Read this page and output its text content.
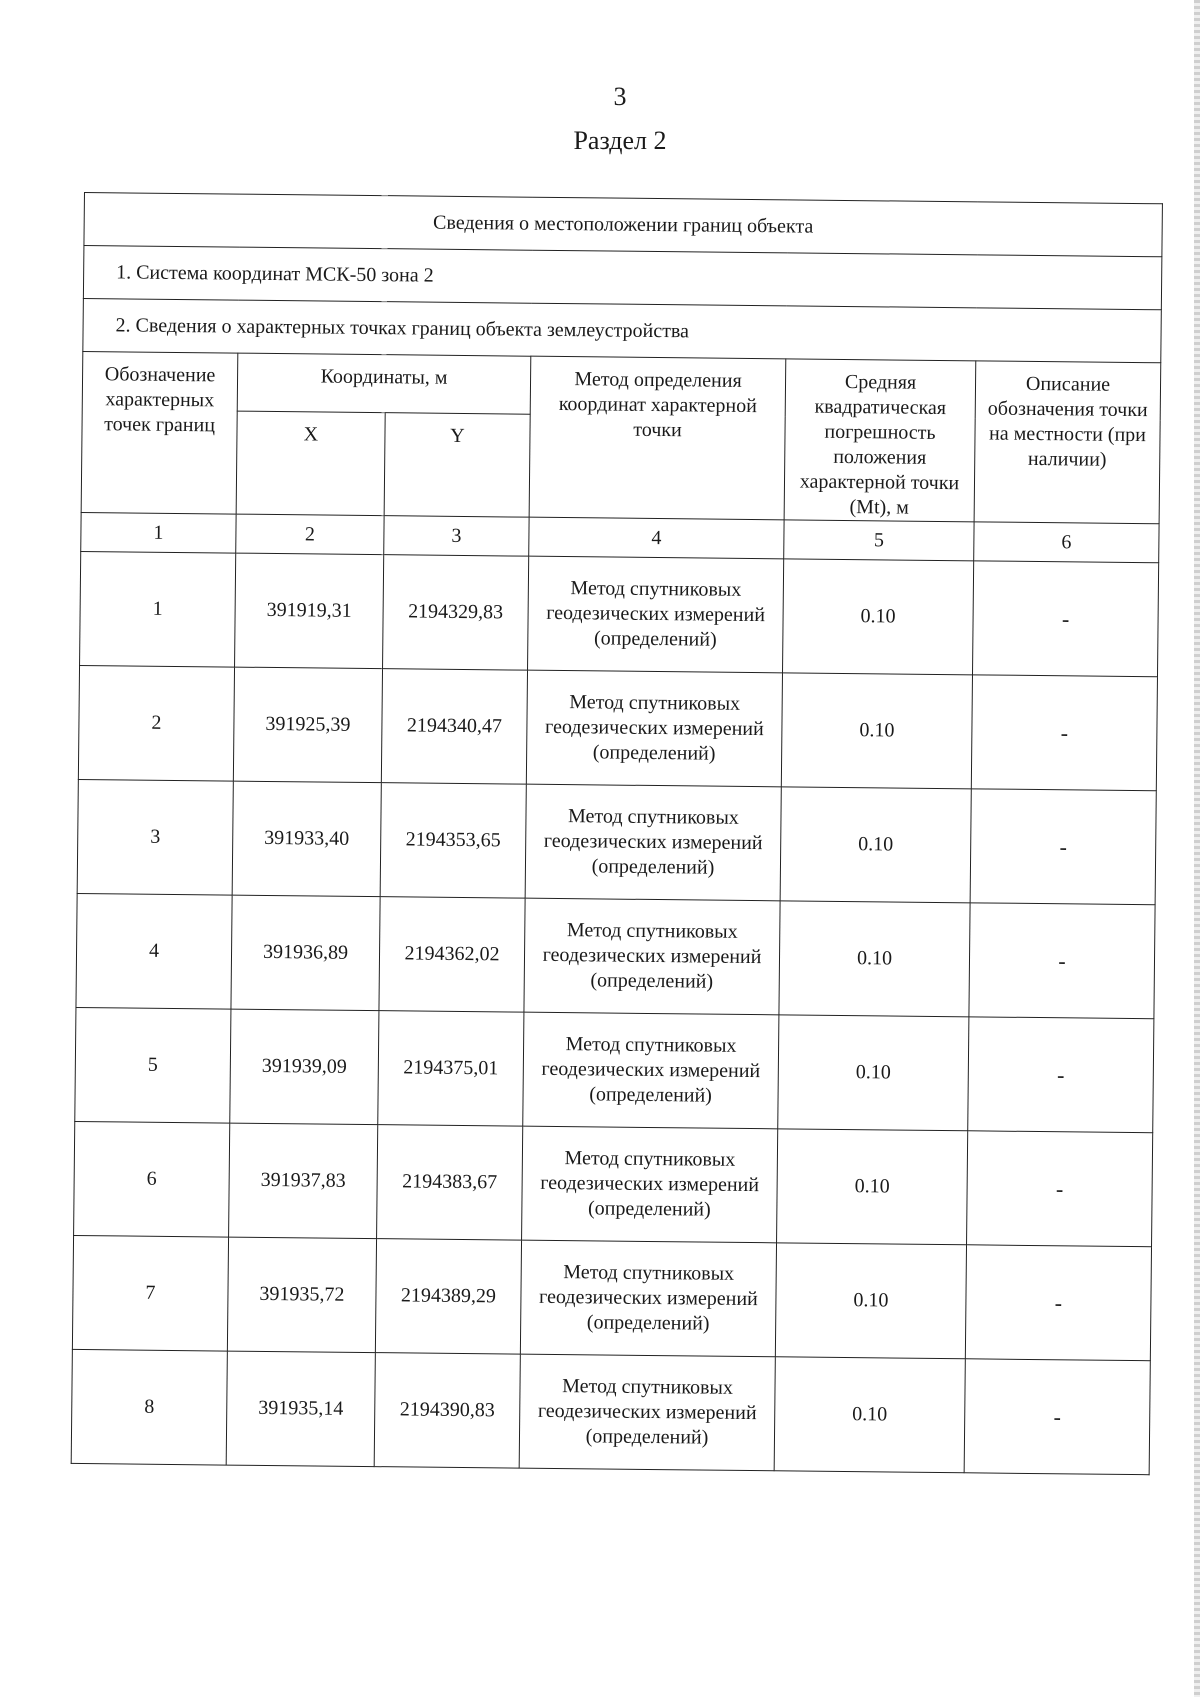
3
Раздел 2
Сведения о местоположении границ объекта					
1. Система координат МСК-50 зона 2					
2. Сведения о характерных точках границ объекта землеустройства					
Обозначение характерных точек границ	Координаты, м		Метод определения координат характерной точки	Средняя квадратическая погрешность положения характерной точки (Mt), м	Описание обозначения точки на местности (при наличии)
	X	Y			
1	2	3	4	5	6
1	391919,31	2194329,83	Метод спутниковых геодезических измерений (определений)	0.10	-
2	391925,39	2194340,47	Метод спутниковых геодезических измерений (определений)	0.10	-
3	391933,40	2194353,65	Метод спутниковых геодезических измерений (определений)	0.10	-
4	391936,89	2194362,02	Метод спутниковых геодезических измерений (определений)	0.10	-
5	391939,09	2194375,01	Метод спутниковых геодезических измерений (определений)	0.10	-
6	391937,83	2194383,67	Метод спутниковых геодезических измерений (определений)	0.10	-
7	391935,72	2194389,29	Метод спутниковых геодезических измерений (определений)	0.10	-
8	391935,14	2194390,83	Метод спутниковых геодезических измерений (определений)	0.10	-
